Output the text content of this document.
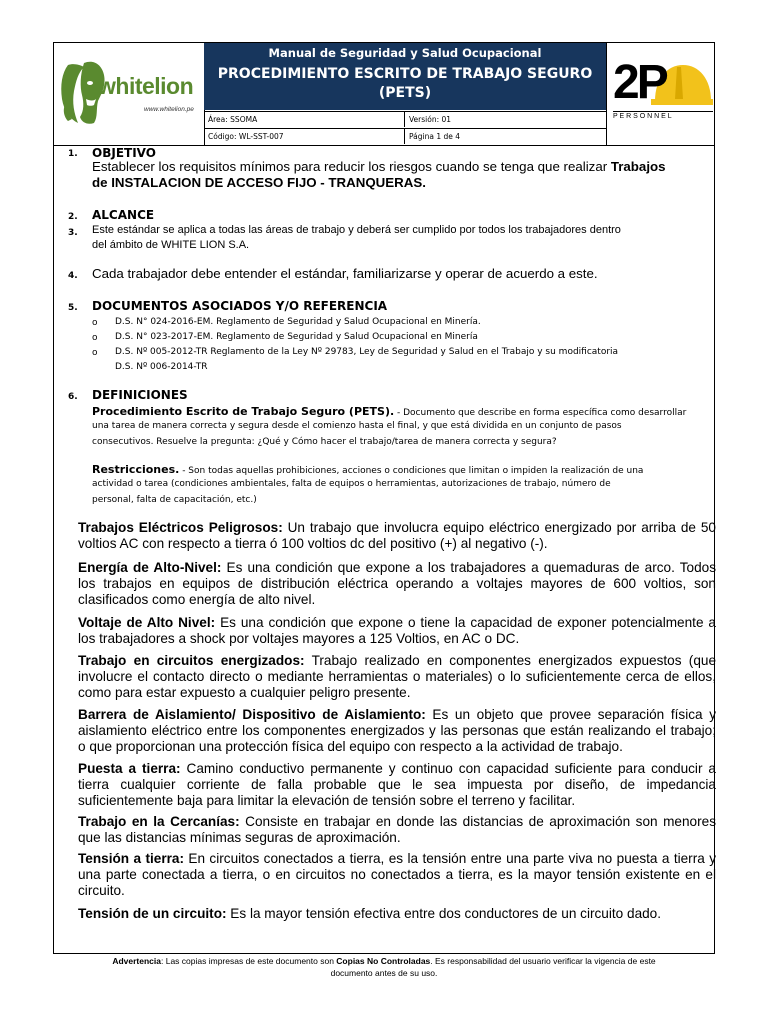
whitelion
www.whitelion.pe
Manual de Seguridad y Salud Ocupacional
PROCEDIMIENTO ESCRITO DE TRABAJO SEGURO
(PETS)
Área: SSOMA	Versión: 01
Código: WL-SST-007	Página 1 de 4
2P
P E R S O N N E L
1. OBJETIVO
Establecer los requisitos mínimos para reducir los riesgos cuando se tenga que realizar Trabajos
de INSTALACION DE ACCESO FIJO - TRANQUERAS.
2. ALCANCE
3. Este estándar se aplica a todas las áreas de trabajo y deberá ser cumplido por todos los trabajadores dentro
del ámbito de WHITE LION S.A.
4. Cada trabajador debe entender el estándar, familiarizarse y operar de acuerdo a este.
5. DOCUMENTOS ASOCIADOS Y/O REFERENCIA
o D.S. N° 024-2016-EM. Reglamento de Seguridad y Salud Ocupacional en Minería.
o D.S. N° 023-2017-EM. Reglamento de Seguridad y Salud Ocupacional en Minería
o D.S. Nº 005-2012-TR Reglamento de la Ley Nº 29783, Ley de Seguridad y Salud en el Trabajo y su modificatoria
D.S. Nº 006-2014-TR
6. DEFINICIONES
Procedimiento Escrito de Trabajo Seguro (PETS). - Documento que describe en forma específica como desarrollar
una tarea de manera correcta y segura desde el comienzo hasta el final, y que está dividida en un conjunto de pasos
consecutivos. Resuelve la pregunta: ¿Qué y Cómo hacer el trabajo/tarea de manera correcta y segura?
Restricciones. - Son todas aquellas prohibiciones, acciones o condiciones que limitan o impiden la realización de una
actividad o tarea (condiciones ambientales, falta de equipos o herramientas, autorizaciones de trabajo, número de
personal, falta de capacitación, etc.)
Trabajos Eléctricos Peligrosos: Un trabajo que involucra equipo eléctrico energizado por arriba de 50 voltios AC con respecto a tierra ó 100 voltios dc del positivo (+) al negativo (-).
Energía de Alto-Nivel: Es una condición que expone a los trabajadores a quemaduras de arco. Todos los trabajos en equipos de distribución eléctrica operando a voltajes mayores de 600 voltios, son clasificados como energía de alto nivel.
Voltaje de Alto Nivel: Es una condición que expone o tiene la capacidad de exponer potencialmente a los trabajadores a shock por voltajes mayores a 125 Voltios, en AC o DC.
Trabajo en circuitos energizados: Trabajo realizado en componentes energizados expuestos (que involucre el contacto directo o mediante herramientas o materiales) o lo suficientemente cerca de ellos, como para estar expuesto a cualquier peligro presente.
Barrera de Aislamiento/ Dispositivo de Aislamiento: Es un objeto que provee separación física y aislamiento eléctrico entre los componentes energizados y las personas que están realizando el trabajo; o que proporcionan una protección física del equipo con respecto a la actividad de trabajo.
Puesta a tierra: Camino conductivo permanente y continuo con capacidad suficiente para conducir a tierra cualquier corriente de falla probable que le sea impuesta por diseño, de impedancia suficientemente baja para limitar la elevación de tensión sobre el terreno y facilitar.
Trabajo en la Cercanías: Consiste en trabajar en donde las distancias de aproximación son menores que las distancias mínimas seguras de aproximación.
Tensión a tierra: En circuitos conectados a tierra, es la tensión entre una parte viva no puesta a tierra y una parte conectada a tierra, o en circuitos no conectados a tierra, es la mayor tensión existente en el circuito.
Tensión de un circuito: Es la mayor tensión efectiva entre dos conductores de un circuito dado.
Advertencia: Las copias impresas de este documento son Copias No Controladas. Es responsabilidad del usuario verificar la vigencia de este
documento antes de su uso.
